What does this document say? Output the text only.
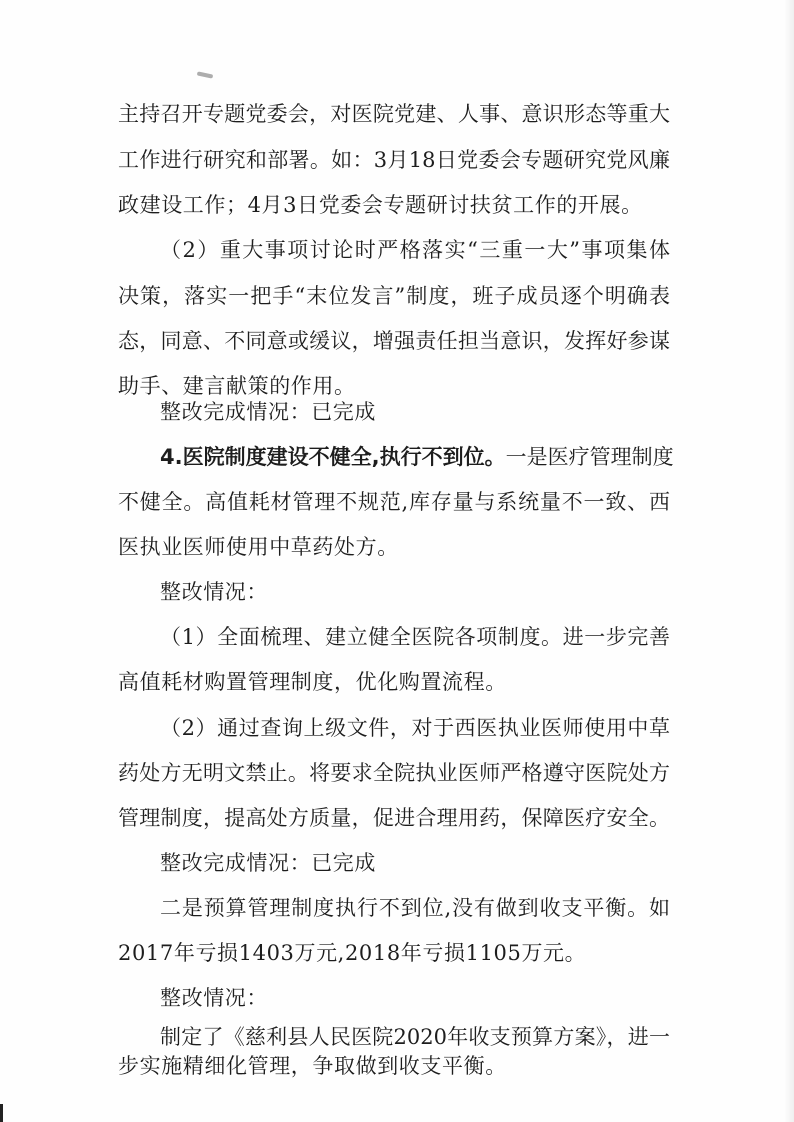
主持召开专题党委会，对医院党建、人事、意识形态等重大
工作进行研究和部署。如：3月18日党委会专题研究党风廉
政建设工作；4月3日党委会专题研讨扶贫工作的开展。
（2）重大事项讨论时严格落实“三重一大”事项集体
决策，落实一把手“末位发言”制度，班子成员逐个明确表
态，同意、不同意或缓议，增强责任担当意识，发挥好参谋
助手、建言献策的作用。
整改完成情况：已完成
4.医院制度建设不健全,执行不到位。一是医疗管理制度
不健全。高值耗材管理不规范,库存量与系统量不一致、西
医执业医师使用中草药处方。
整改情况：
（1）全面梳理、建立健全医院各项制度。进一步完善
高值耗材购置管理制度，优化购置流程。
（2）通过查询上级文件，对于西医执业医师使用中草
药处方无明文禁止。将要求全院执业医师严格遵守医院处方
管理制度，提高处方质量，促进合理用药，保障医疗安全。
整改完成情况：已完成
二是预算管理制度执行不到位,没有做到收支平衡。如
2017年亏损1403万元,2018年亏损1105万元。
整改情况：
制定了《慈利县人民医院2020年收支预算方案》，进一
步实施精细化管理，争取做到收支平衡。
